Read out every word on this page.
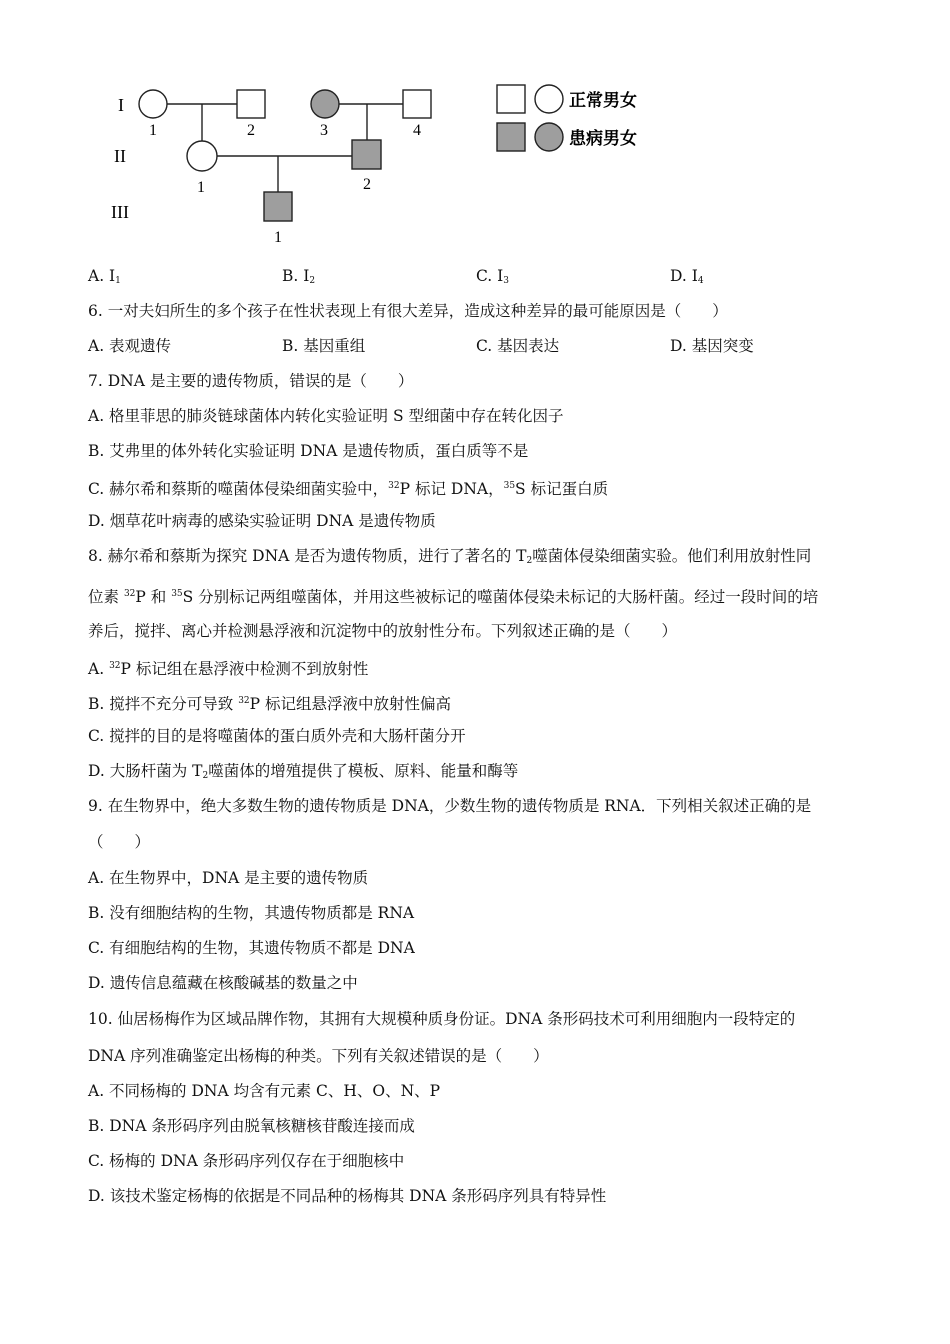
I
II
III
1	2	3	4
1	2
1
正常男女
患病男女
A. $I_1$	B. $I_2$	C. $I_3$	D. $I_4$
6. 一对夫妇所生的多个孩子在性状表现上有很大差异，造成这种差异的最可能原因是（　　）
A. 表观遗传	B. 基因重组	C. 基因表达	D. 基因突变
7. DNA 是主要的遗传物质，错误的是（　　）
A. 格里菲思的肺炎链球菌体内转化实验证明 S 型细菌中存在转化因子
B. 艾弗里的体外转化实验证明 DNA 是遗传物质，蛋白质等不是
C. 赫尔希和蔡斯的噬菌体侵染细菌实验中，$^{32}$P 标记 DNA，$^{35}$S 标记蛋白质
D. 烟草花叶病毒的感染实验证明 DNA 是遗传物质
8. 赫尔希和蔡斯为探究 DNA 是否为遗传物质，进行了著名的 $T_2$噬菌体侵染细菌实验。他们利用放射性同
位素 $^{32}$P 和 $^{35}$S 分别标记两组噬菌体，并用这些被标记的噬菌体侵染未标记的大肠杆菌。经过一段时间的培
养后，搅拌、离心并检测悬浮液和沉淀物中的放射性分布。下列叙述正确的是（　　）
A. $^{32}$P 标记组在悬浮液中检测不到放射性
B. 搅拌不充分可导致 $^{32}$P 标记组悬浮液中放射性偏高
C. 搅拌的目的是将噬菌体的蛋白质外壳和大肠杆菌分开
D. 大肠杆菌为 $T_2$噬菌体的增殖提供了模板、原料、能量和酶等
9. 在生物界中，绝大多数生物的遗传物质是 DNA，少数生物的遗传物质是 RNA．下列相关叙述正确的是
（　　）
A. 在生物界中，DNA 是主要的遗传物质
B. 没有细胞结构的生物，其遗传物质都是 RNA
C. 有细胞结构的生物，其遗传物质不都是 DNA
D. 遗传信息蕴藏在核酸碱基的数量之中
10. 仙居杨梅作为区域品牌作物，其拥有大规模种质身份证。DNA 条形码技术可利用细胞内一段特定的
DNA 序列准确鉴定出杨梅的种类。下列有关叙述错误的是（　　）
A. 不同杨梅的 DNA 均含有元素 C、H、O、N、P
B. DNA 条形码序列由脱氧核糖核苷酸连接而成
C. 杨梅的 DNA 条形码序列仅存在于细胞核中
D. 该技术鉴定杨梅的依据是不同品种的杨梅其 DNA 条形码序列具有特异性
